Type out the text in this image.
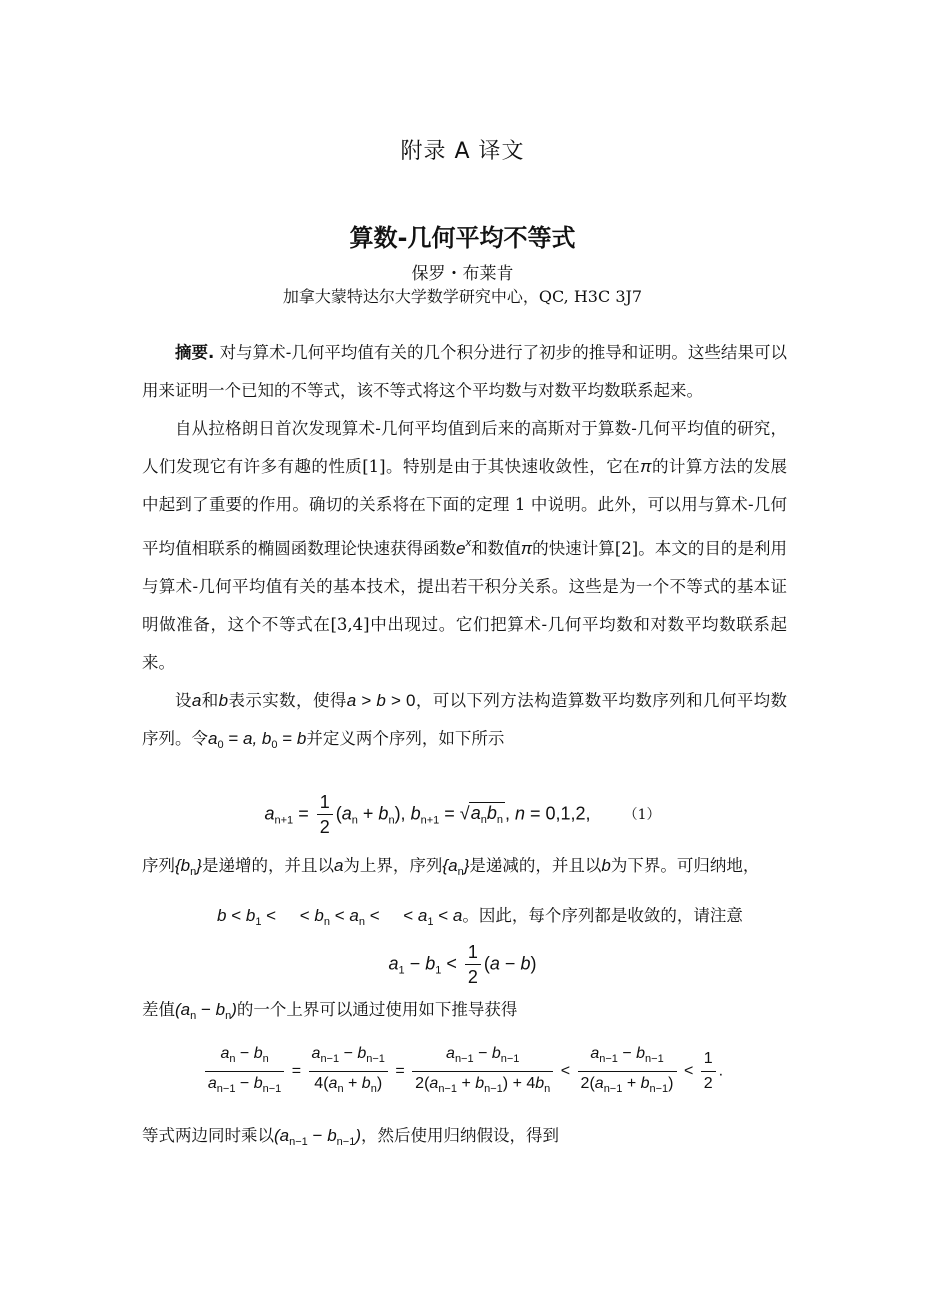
附录 A 译文
算数-几何平均不等式
保罗・布莱肯
加拿大蒙特达尔大学数学研究中心，QC, H3C 3J7

摘要. 对与算术-几何平均值有关的几个积分进行了初步的推导和证明。这些结果可以用来证明一个已知的不等式，该不等式将这个平均数与对数平均数联系起来。

自从拉格朗日首次发现算术-几何平均值到后来的高斯对于算数-几何平均值的研究，人们发现它有许多有趣的性质[1]。特别是由于其快速收敛性，它在π的计算方法的发展中起到了重要的作用。确切的关系将在下面的定理 1 中说明。此外，可以用与算术-几何平均值相联系的椭圆函数理论快速获得函数$e^x$和数值π的快速计算[2]。本文的目的是利用与算术-几何平均值有关的基本技术，提出若干积分关系。这些是为一个不等式的基本证明做准备，这个不等式在[3,4]中出现过。它们把算术-几何平均数和对数平均数联系起来。

设a和b表示实数，使得a > b > 0，可以下列方法构造算数平均数序列和几何平均数序列。令$a_0 = a$, $b_0 = b$并定义两个序列，如下所示

$a_{n+1} = \frac{1}{2} (a_n + b_n)$, $b_{n+1} = √a_nb_n$ , n = 0,1,2, （1）
序列$\{b_n\}$是递增的，并且以a为上界，序列$\{a_n\}$是递减的，并且以b为下界。可归纳地，
$b < b_1$ < < $b_n < a_n$ < < $a_1 < a$。因此，每个序列都是收敛的，请注意
$a_1 - b_1 < \frac{1}{2} (a - b)$
差值$(a_n - b_n)$的一个上界可以通过使用如下推导获得
$\frac{a_n - b_n}{a_{n-1} - b_{n-1}} = \frac{a_{n-1} - b_{n-1}}{4(a_n + b_n)} = \frac{a_{n-1} - b_{n-1}}{2(a_{n-1} + b_{n-1}) + 4b_n} < \frac{a_{n-1} - b_{n-1}}{2(a_{n-1} + b_{n-1})} < \frac{1}{2}$ .
等式两边同时乘以$(a_{n-1} - b_{n-1})$，然后使用归纳假设，得到
